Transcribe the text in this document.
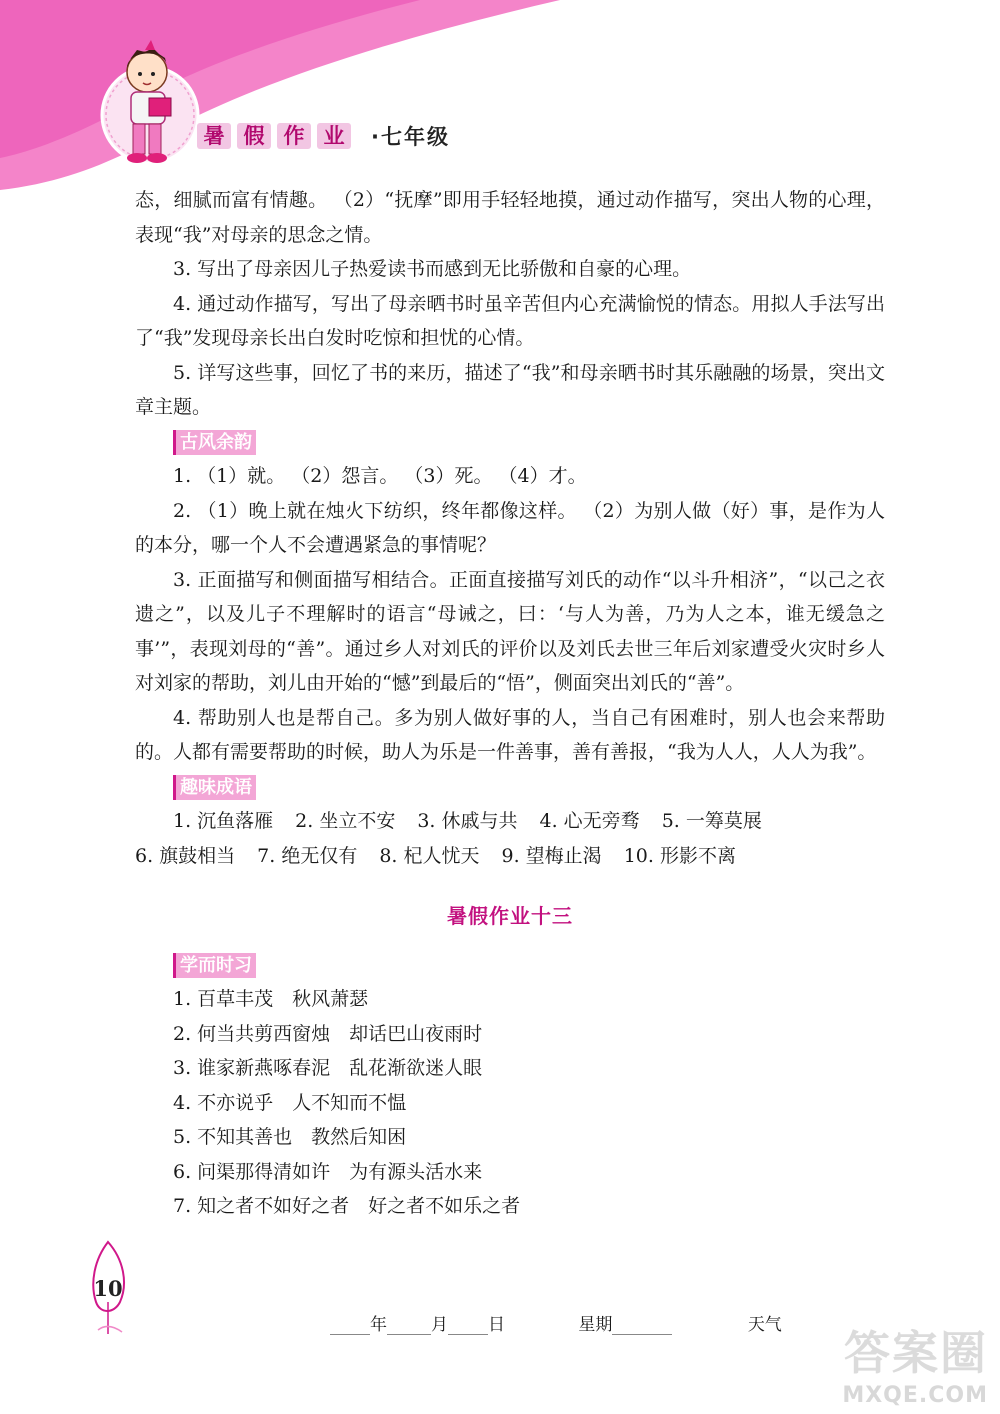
暑 假 作 业	·七年级

态，细腻而富有情趣。 （2）“抚摩”即用手轻轻地摸，通过动作描写，突出人物的心理，表现“我”对母亲的思念之情。

3. 写出了母亲因儿子热爱读书而感到无比骄傲和自豪的心理。

4. 通过动作描写，写出了母亲晒书时虽辛苦但内心充满愉悦的情态。用拟人手法写出了“我”发现母亲长出白发时吃惊和担忧的心情。

5. 详写这些事，回忆了书的来历，描述了“我”和母亲晒书时其乐融融的场景，突出文章主题。

古风余韵

1. （1）就。 （2）怨言。 （3）死。 （4）才。

2. （1）晚上就在烛火下纺织，终年都像这样。 （2）为别人做（好）事，是作为人的本分，哪一个人不会遭遇紧急的事情呢？

3. 正面描写和侧面描写相结合。正面直接描写刘氏的动作“以斗升相济”，“以己之衣遗之”，以及儿子不理解时的语言“母诫之，曰：‘与人为善，乃为人之本，谁无缓急之事’”，表现刘母的“善”。通过乡人对刘氏的评价以及刘氏去世三年后刘家遭受火灾时乡人对刘家的帮助，刘儿由开始的“憾”到最后的“悟”，侧面突出刘氏的“善”。

4. 帮助别人也是帮自己。多为别人做好事的人，当自己有困难时，别人也会来帮助的。人都有需要帮助的时候，助人为乐是一件善事，善有善报，“我为人人，人人为我”。

趣味成语

1. 沉鱼落雁 2. 坐立不安 3. 休戚与共 4. 心无旁骛 5. 一筹莫展

6. 旗鼓相当 7. 绝无仅有 8. 杞人忧天 9. 望梅止渴 10. 形影不离

暑假作业十三
学而时习

1. 百草丰茂　秋风萧瑟

2. 何当共剪西窗烛　却话巴山夜雨时

3. 谁家新燕啄春泥　乱花渐欲迷人眼

4. 不亦说乎　人不知而不愠

5. 不知其善也　教然后知困

6. 问渠那得清如许　为有源头活水来

7. 知之者不如好之者　好之者不如乐之者

10
年	月 日	星期	天气
答案圈
MXQE.COM
